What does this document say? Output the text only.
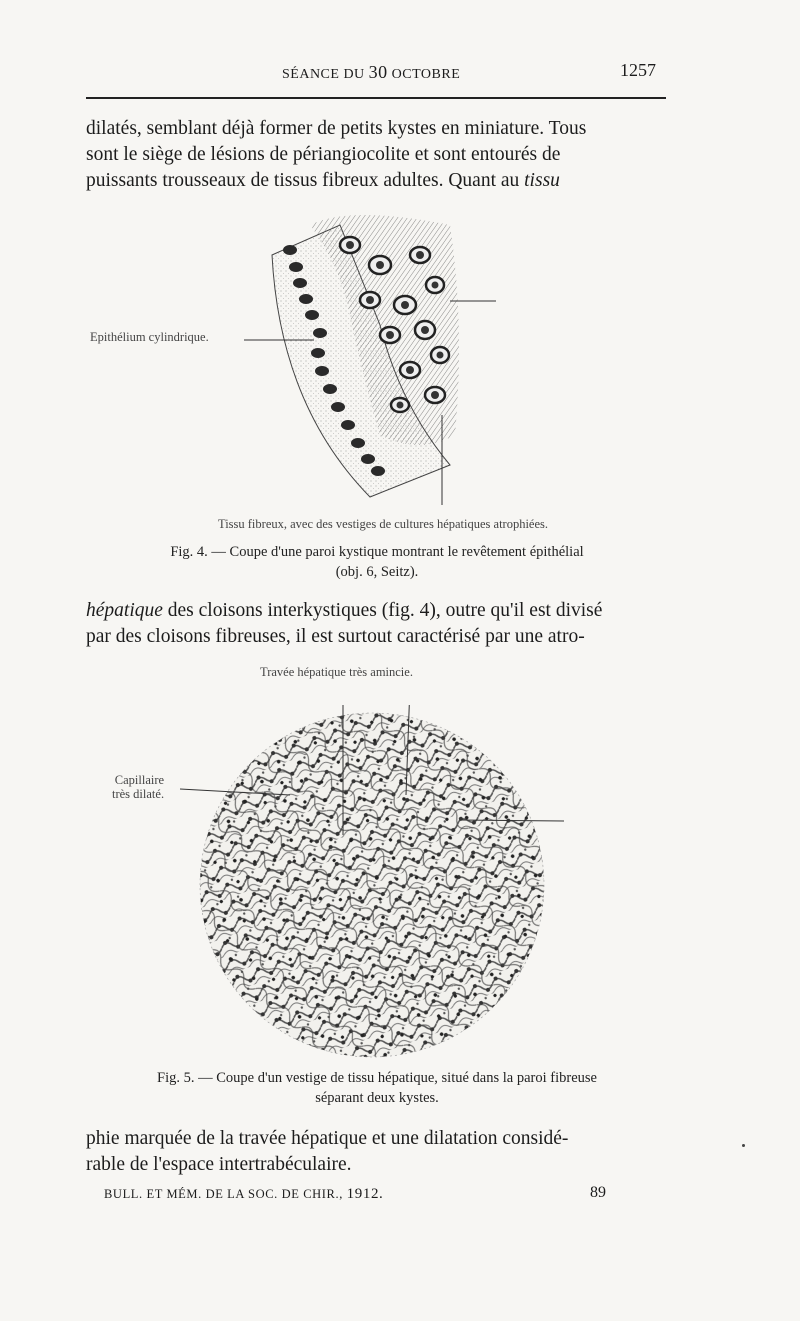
SÉANCE DU 30 OCTOBRE	1257

dilatés, semblant déjà former de petits kystes en miniature. Tous

sont le siège de lésions de périangiocolite et sont entourés de

puissants trousseaux de tissus fibreux adultes. Quant au tissu

Epithélium cylindrique.
Tissu fibreux, avec des vestiges de cultures hépatiques atrophiées.
Fig. 4. — Coupe d'une paroi kystique montrant le revêtement épithélial
(obj. 6, Seitz).

hépatique des cloisons interkystiques (fig. 4), outre qu'il est divisé

par des cloisons fibreuses, il est surtout caractérisé par une atro-

Travée hépatique très amincie.
Capillaire
très dilaté.
Fig. 5. — Coupe d'un vestige de tissu hépatique, situé dans la paroi fibreuse
séparant deux kystes.

phie marquée de la travée hépatique et une dilatation considé-

rable de l'espace intertrabéculaire.

BULL. ET MÉM. DE LA SOC. DE CHIR., 1912.	89
